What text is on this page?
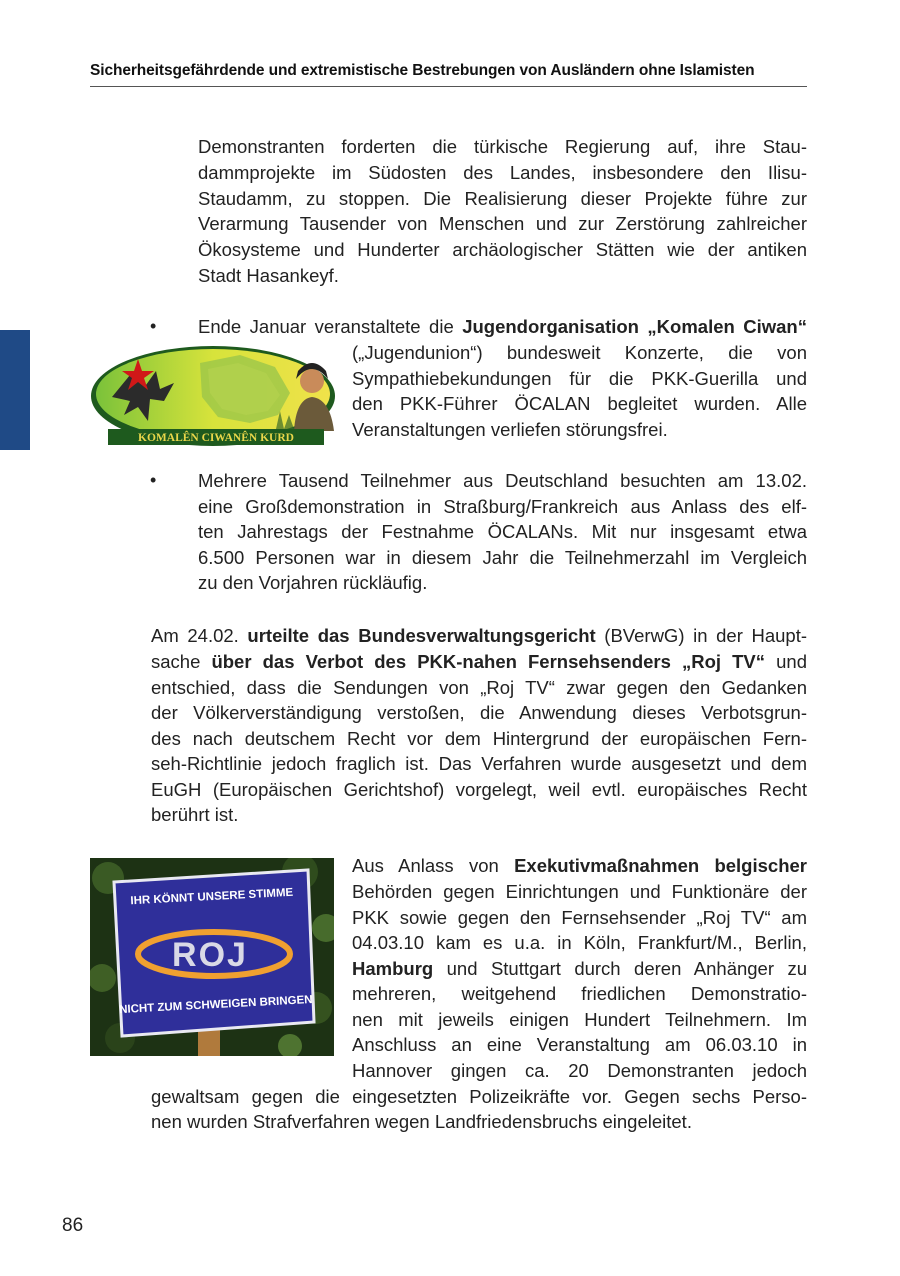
Sicherheitsgefährdende und extremistische Bestrebungen von Ausländern ohne Islamisten
Demonstranten forderten die türkische Regierung auf, ihre Stau-
dammprojekte im Südosten des Landes, insbesondere den Ilisu-
Staudamm, zu stoppen. Die Realisierung dieser Projekte führe zur
Verarmung Tausender von Menschen und zur Zerstörung zahlreicher
Ökosysteme und Hunderter archäologischer Stätten wie der antiken
Stadt Hasankeyf.
• Ende Januar veranstaltete die Jugendorganisation „Komalen Ciwan“
(„Jugendunion“) bundesweit Konzerte, die von
Sympathiebekundungen für die PKK-Guerilla und
den PKK-Führer ÖCALAN begleitet wurden. Alle
Veranstaltungen verliefen störungsfrei.
KOMALÊN CIWANÊN KURD
• Mehrere Tausend Teilnehmer aus Deutschland besuchten am 13.02.
eine Großdemonstration in Straßburg/Frankreich aus Anlass des elf-
ten Jahrestags der Festnahme ÖCALANs. Mit nur insgesamt etwa
6.500 Personen war in diesem Jahr die Teilnehmerzahl im Vergleich
zu den Vorjahren rückläufig.
Am 24.02. urteilte das Bundesverwaltungsgericht (BVerwG) in der Haupt-
sache über das Verbot des PKK-nahen Fernsehsenders „Roj TV“ und
entschied, dass die Sendungen von „Roj TV“ zwar gegen den Gedanken
der Völkerverständigung verstoßen, die Anwendung dieses Verbotsgrun-
des nach deutschem Recht vor dem Hintergrund der europäischen Fern-
seh-Richtlinie jedoch fraglich ist. Das Verfahren wurde ausgesetzt und dem
EuGH (Europäischen Gerichtshof) vorgelegt, weil evtl. europäisches Recht
berührt ist.
ROJ
IHR KÖNNT UNSERE STIMME
NICHT ZUM SCHWEIGEN BRINGEN
Aus Anlass von Exekutivmaßnahmen belgischer
Behörden gegen Einrichtungen und Funktionäre der
PKK sowie gegen den Fernsehsender „Roj TV“ am
04.03.10 kam es u.a. in Köln, Frankfurt/M., Berlin,
Hamburg und Stuttgart durch deren Anhänger zu
mehreren, weitgehend friedlichen Demonstratio-
nen mit jeweils einigen Hundert Teilnehmern. Im
Anschluss an eine Veranstaltung am 06.03.10 in
Hannover gingen ca. 20 Demonstranten jedoch
gewaltsam gegen die eingesetzten Polizeikräfte vor. Gegen sechs Perso-
nen wurden Strafverfahren wegen Landfriedensbruchs eingeleitet.
86
